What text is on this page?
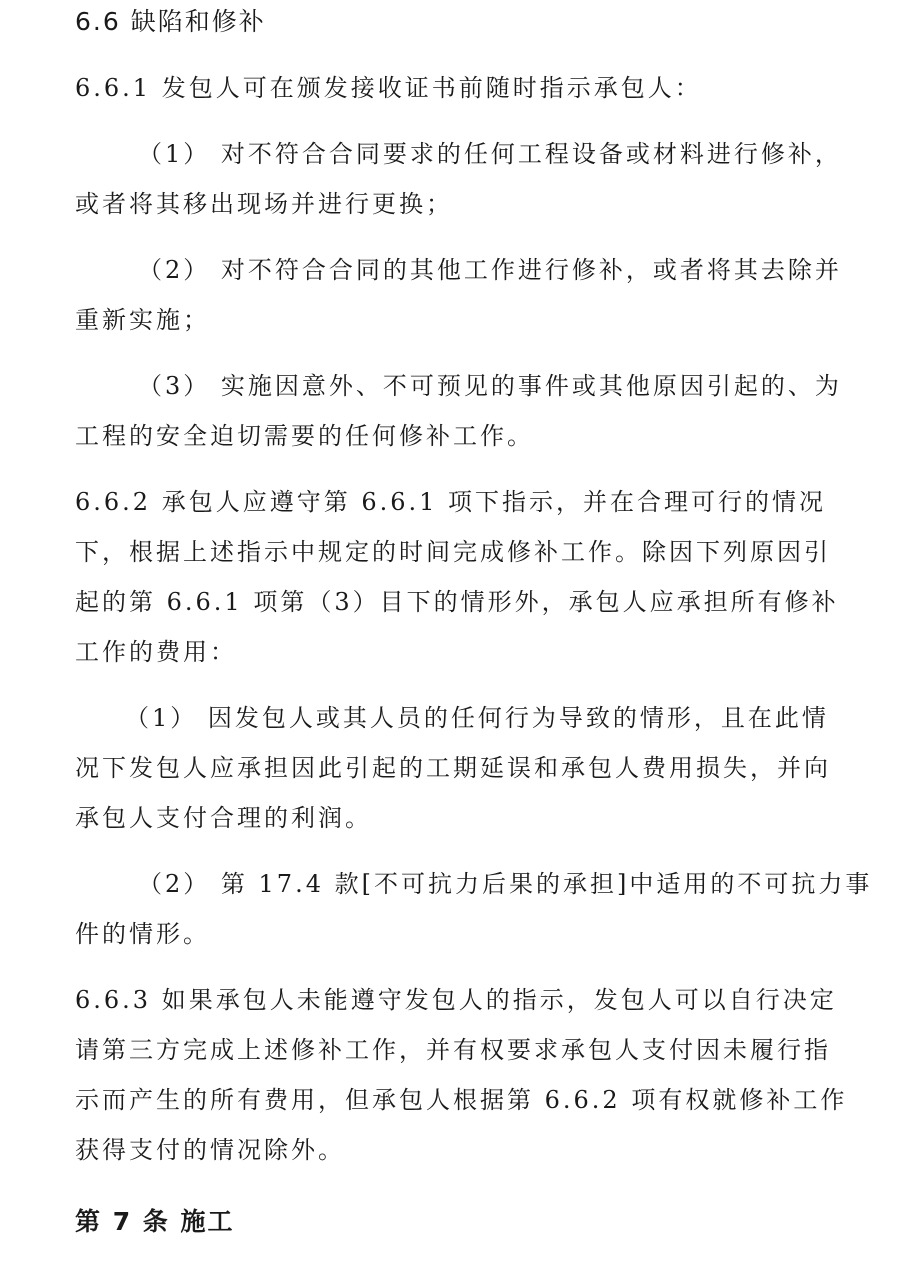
6.6 缺陷和修补
6.6.1 发包人可在颁发接收证书前随时指示承包人：
（1） 对不符合合同要求的任何工程设备或材料进行修补，
或者将其移出现场并进行更换；
（2） 对不符合合同的其他工作进行修补，或者将其去除并
重新实施；
（3） 实施因意外、不可预见的事件或其他原因引起的、为
工程的安全迫切需要的任何修补工作。
6.6.2 承包人应遵守第 6.6.1 项下指示，并在合理可行的情况
下，根据上述指示中规定的时间完成修补工作。除因下列原因引
起的第 6.6.1 项第（3）目下的情形外，承包人应承担所有修补
工作的费用：
（1） 因发包人或其人员的任何行为导致的情形，且在此情
况下发包人应承担因此引起的工期延误和承包人费用损失，并向
承包人支付合理的利润。
（2） 第 17.4 款[不可抗力后果的承担]中适用的不可抗力事
件的情形。
6.6.3 如果承包人未能遵守发包人的指示，发包人可以自行决定
请第三方完成上述修补工作，并有权要求承包人支付因未履行指
示而产生的所有费用，但承包人根据第 6.6.2 项有权就修补工作
获得支付的情况除外。
第 7 条 施工
